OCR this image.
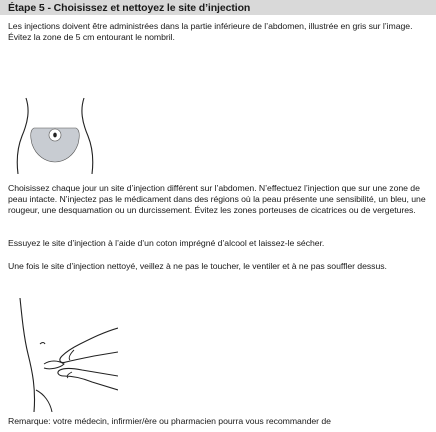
Étape 5 - Choisissez et nettoyez le site d’injection

Les injections doivent être administrées dans la partie inférieure de l’abdomen, illustrée en gris sur l’image. Évitez la zone de 5 cm entourant le nombril.

Choisissez chaque jour un site d’injection différent sur l’abdomen. N’effectuez l’injection que sur une zone de peau intacte. N’injectez pas le médicament dans des régions où la peau présente une sensibilité, un bleu, une rougeur, une desquamation ou un durcissement. Évitez les zones porteuses de cicatrices ou de vergetures.

Essuyez le site d’injection à l’aide d’un coton imprégné d’alcool et laissez-le sécher.

Une fois le site d’injection nettoyé, veillez à ne pas le toucher, le ventiler et à ne pas souffler dessus.

Remarque: votre médecin, infirmier/ère ou pharmacien pourra vous recommander de
